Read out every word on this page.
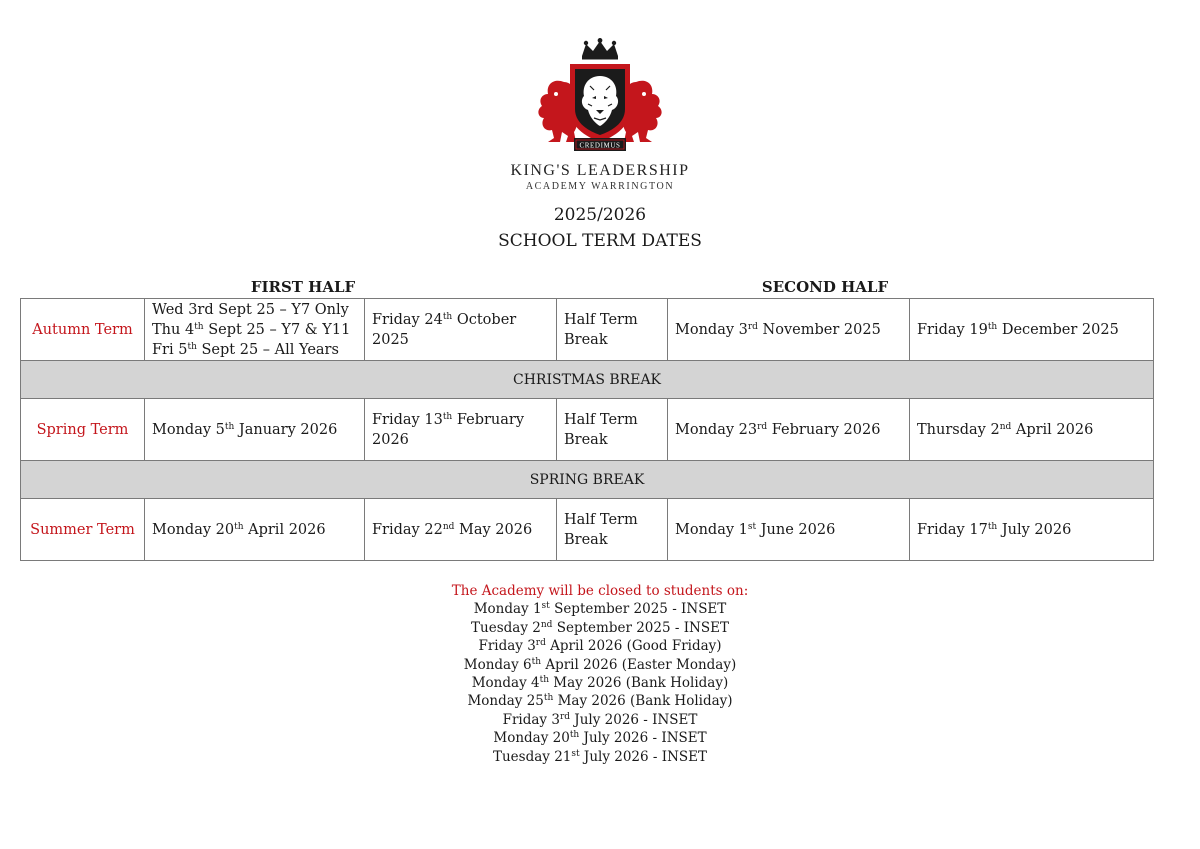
CREDIMUS
KING'S LEADERSHIP
ACADEMY WARRINGTON
2025/2026
SCHOOL TERM DATES
FIRST HALF	SECOND HALF
Autumn Term	Wed 3rd Sept 25 – Y7 Only
Thu 4th Sept 25 – Y7 & Y11
Fri 5th Sept 25 – All Years	Friday 24th October 2025	Half Term Break	Monday 3rd November 2025	Friday 19th December 2025
CHRISTMAS BREAK					
Spring Term	Monday 5th January 2026	Friday 13th February 2026	Half Term Break	Monday 23rd February 2026	Thursday 2nd April 2026
SPRING BREAK					
Summer Term	Monday 20th April 2026	Friday 22nd May 2026	Half Term Break	Monday 1st June 2026	Friday 17th July 2026
The Academy will be closed to students on:
Monday 1st September 2025 - INSET
Tuesday 2nd September 2025 - INSET
Friday 3rd April 2026 (Good Friday)
Monday 6th April 2026 (Easter Monday)
Monday 4th May 2026 (Bank Holiday)
Monday 25th May 2026 (Bank Holiday)
Friday 3rd July 2026 - INSET
Monday 20th July 2026 - INSET
Tuesday 21st July 2026 - INSET
